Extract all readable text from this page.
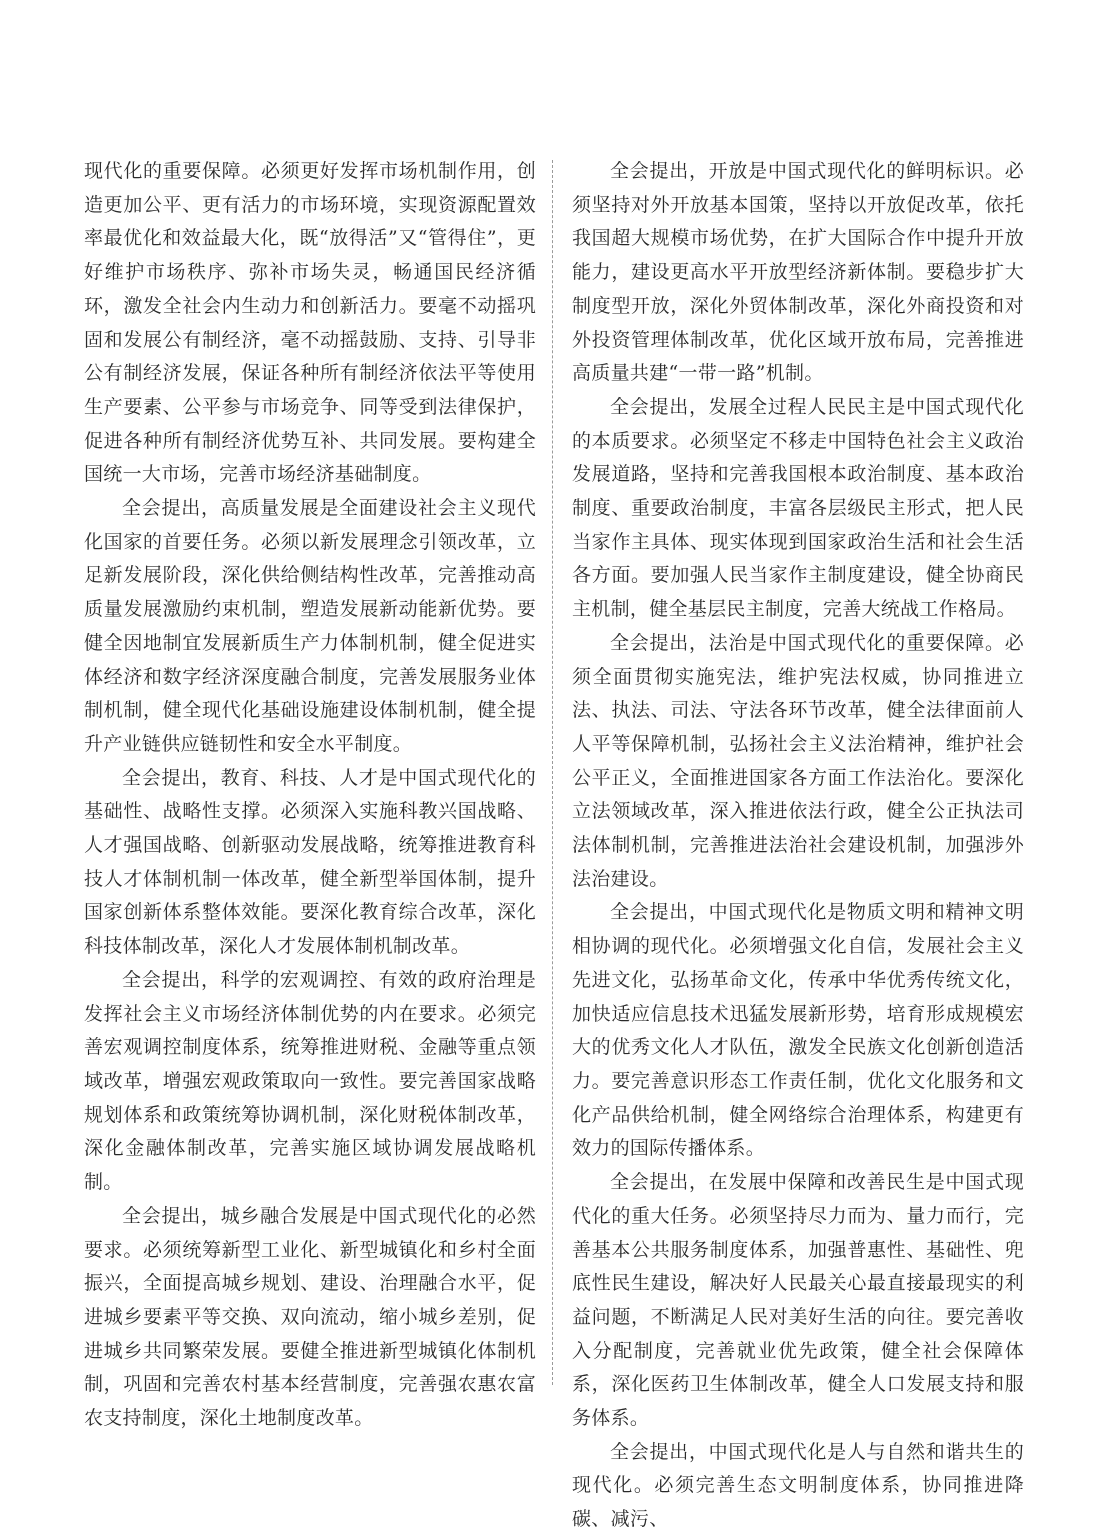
现代化的重要保障。必须更好发挥市场机制作用，创造更加公平、更有活力的市场环境，实现资源配置效率最优化和效益最大化，既“放得活”又“管得住”，更好维护市场秩序、弥补市场失灵，畅通国民经济循环，激发全社会内生动力和创新活力。要毫不动摇巩固和发展公有制经济，毫不动摇鼓励、支持、引导非公有制经济发展，保证各种所有制经济依法平等使用生产要素、公平参与市场竞争、同等受到法律保护，促进各种所有制经济优势互补、共同发展。要构建全国统一大市场，完善市场经济基础制度。

全会提出，高质量发展是全面建设社会主义现代化国家的首要任务。必须以新发展理念引领改革，立足新发展阶段，深化供给侧结构性改革，完善推动高质量发展激励约束机制，塑造发展新动能新优势。要健全因地制宜发展新质生产力体制机制，健全促进实体经济和数字经济深度融合制度，完善发展服务业体制机制，健全现代化基础设施建设体制机制，健全提升产业链供应链韧性和安全水平制度。

全会提出，教育、科技、人才是中国式现代化的基础性、战略性支撑。必须深入实施科教兴国战略、人才强国战略、创新驱动发展战略，统筹推进教育科技人才体制机制一体改革，健全新型举国体制，提升国家创新体系整体效能。要深化教育综合改革，深化科技体制改革，深化人才发展体制机制改革。

全会提出，科学的宏观调控、有效的政府治理是发挥社会主义市场经济体制优势的内在要求。必须完善宏观调控制度体系，统筹推进财税、金融等重点领域改革，增强宏观政策取向一致性。要完善国家战略规划体系和政策统筹协调机制，深化财税体制改革，深化金融体制改革，完善实施区域协调发展战略机制。

全会提出，城乡融合发展是中国式现代化的必然要求。必须统筹新型工业化、新型城镇化和乡村全面振兴，全面提高城乡规划、建设、治理融合水平，促进城乡要素平等交换、双向流动，缩小城乡差别，促进城乡共同繁荣发展。要健全推进新型城镇化体制机制，巩固和完善农村基本经营制度，完善强农惠农富农支持制度，深化土地制度改革。

全会提出，开放是中国式现代化的鲜明标识。必须坚持对外开放基本国策，坚持以开放促改革，依托我国超大规模市场优势，在扩大国际合作中提升开放能力，建设更高水平开放型经济新体制。要稳步扩大制度型开放，深化外贸体制改革，深化外商投资和对外投资管理体制改革，优化区域开放布局，完善推进高质量共建“一带一路”机制。

全会提出，发展全过程人民民主是中国式现代化的本质要求。必须坚定不移走中国特色社会主义政治发展道路，坚持和完善我国根本政治制度、基本政治制度、重要政治制度，丰富各层级民主形式，把人民当家作主具体、现实体现到国家政治生活和社会生活各方面。要加强人民当家作主制度建设，健全协商民主机制，健全基层民主制度，完善大统战工作格局。

全会提出，法治是中国式现代化的重要保障。必须全面贯彻实施宪法，维护宪法权威，协同推进立法、执法、司法、守法各环节改革，健全法律面前人人平等保障机制，弘扬社会主义法治精神，维护社会公平正义，全面推进国家各方面工作法治化。要深化立法领域改革，深入推进依法行政，健全公正执法司法体制机制，完善推进法治社会建设机制，加强涉外法治建设。

全会提出，中国式现代化是物质文明和精神文明相协调的现代化。必须增强文化自信，发展社会主义先进文化，弘扬革命文化，传承中华优秀传统文化，加快适应信息技术迅猛发展新形势，培育形成规模宏大的优秀文化人才队伍，激发全民族文化创新创造活力。要完善意识形态工作责任制，优化文化服务和文化产品供给机制，健全网络综合治理体系，构建更有效力的国际传播体系。

全会提出，在发展中保障和改善民生是中国式现代化的重大任务。必须坚持尽力而为、量力而行，完善基本公共服务制度体系，加强普惠性、基础性、兜底性民生建设，解决好人民最关心最直接最现实的利益问题，不断满足人民对美好生活的向往。要完善收入分配制度，完善就业优先政策，健全社会保障体系，深化医药卫生体制改革，健全人口发展支持和服务体系。

全会提出，中国式现代化是人与自然和谐共生的现代化。必须完善生态文明制度体系，协同推进降碳、减污、
